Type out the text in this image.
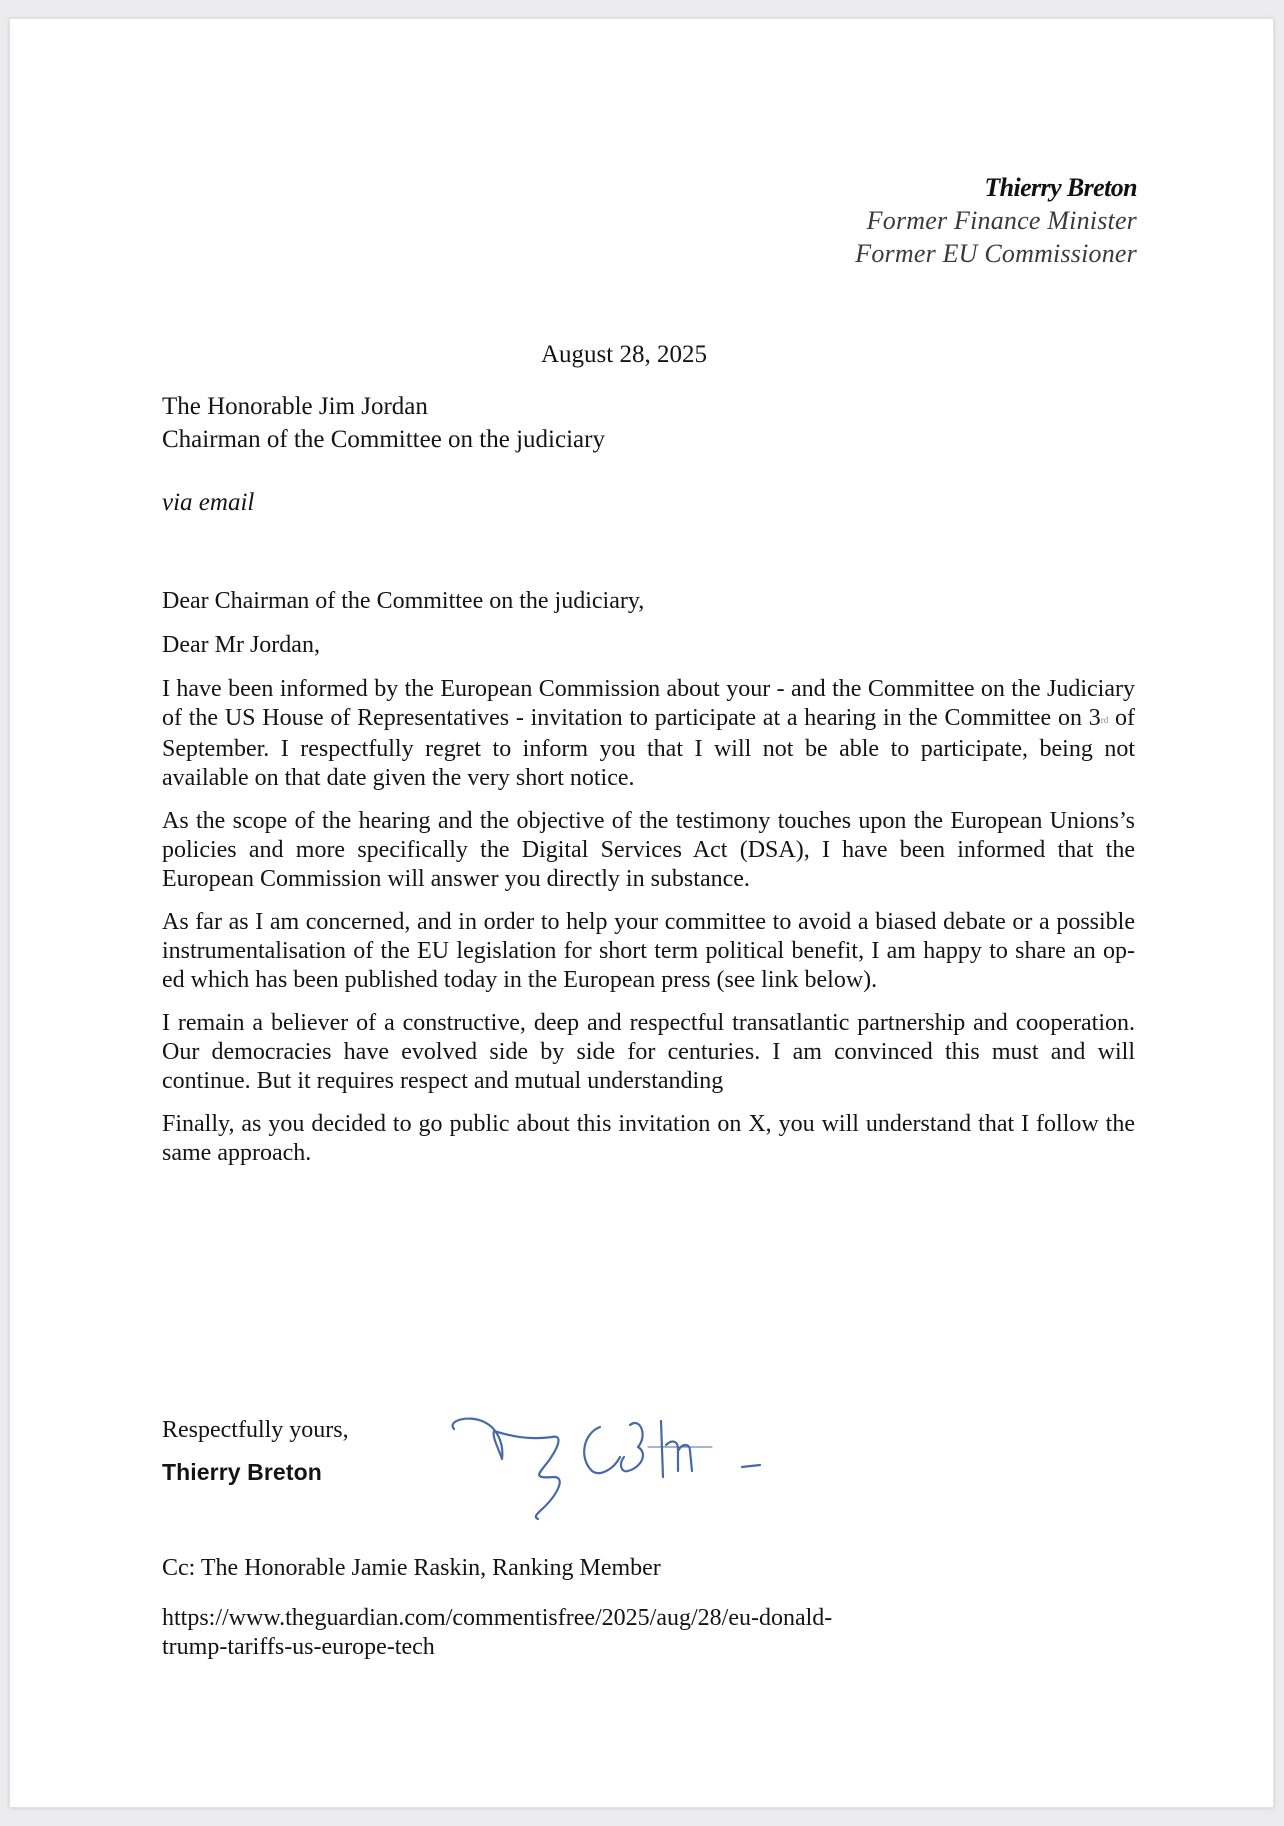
Thierry Breton
Former Finance Minister
Former EU Commissioner
August 28, 2025
The Honorable Jim Jordan
Chairman of the Committee on the judiciary
via email

Dear Chairman of the Committee on the judiciary,

Dear Mr Jordan,

I have been informed by the European Commission about your - and the Committee on the Judiciary of the US House of Representatives - invitation to participate at a hearing in the Committee on 3rd of September. I respectfully regret to inform you that I will not be able to participate, being not available on that date given the very short notice.

As the scope of the hearing and the objective of the testimony touches upon the European Unions’s policies and more specifically the Digital Services Act (DSA), I have been informed that the European Commission will answer you directly in substance.

As far as I am concerned, and in order to help your committee to avoid a biased debate or a possible instrumentalisation of the EU legislation for short term political benefit, I am happy to share an op-ed which has been published today in the European press (see link below).

I remain a believer of a constructive, deep and respectful transatlantic partnership and cooperation. Our democracies have evolved side by side for centuries. I am convinced this must and will continue. But it requires respect and mutual understanding

Finally, as you decided to go public about this invitation on X, you will understand that I follow the same approach.

Respectfully yours,
Thierry Breton
Cc: The Honorable Jamie Raskin, Ranking Member
https://www.theguardian.com/commentisfree/2025/aug/28/eu-donald-
trump-tariffs-us-europe-tech
